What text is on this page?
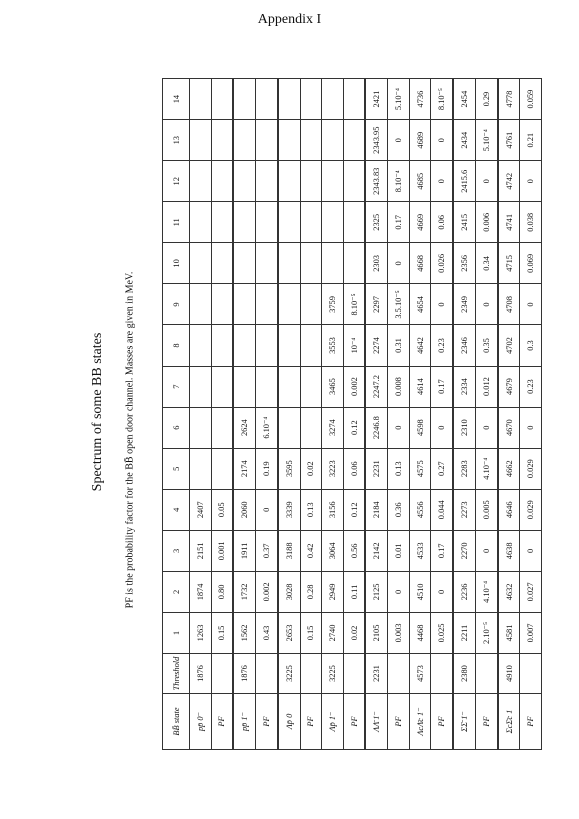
Appendix I
Spectrum of some BB states PF is the probability factor for the BB̄ open door channel. Masses are given in MeV.
BB̄ state	Threshold	1	2	3	4	5	6	7	8	9	10	11	12	13	14
pp̄ 0⁻	1876	1263	1874	2151	2407										
PF		0.15	0.80	0.001	0.05										
pp̄ 1⁻	1876	1562	1732	1911	2060	2174	2624								
PF		0.43	0.002	0.37	0	0.19	6.10⁻⁴								
Λp̄ 0	3225	2653	3028	3188	3339	3595									
PF		0.15	0.28	0.42	0.13	0.02									
Λp̄ 1⁻	3225	2740	2949	3064	3156	3223	3274	3465	3553	3759					
PF		0.02	0.11	0.56	0.12	0.06	0.12	0.002	10⁻⁴	8.10⁻⁵					
ΛΛ̄ 1⁻	2231	2105	2125	2142	2184	2231	2246.8	2247.2	2274	2297	2303	2325	2343.83	2343.95	2421
PF		0.003	0	0.01	0.36	0.13	0	0.008	0.31	3.5.10⁻⁵	0	0.17	8.10⁻⁴	0	5.10⁻⁴
ΛcΛ̄c 1⁻	4573	4468	4510	4533	4556	4575	4598	4614	4642	4654	4668	4669	4685	4689	4736
PF		0.025	0	0.17	0.044	0.27	0	0.17	0.23	0	0.026	0.06	0	0	8.10⁻⁵
ΣΣ̄ 1⁻	2380	2211	2236	2270	2273	2283	2310	2334	2346	2349	2356	2415	2415.6	2434	2454
PF		2.10⁻⁵	4.10⁻⁴	0	0.005	4.10⁻⁴	0	0.012	0.35	0	0.34	0.006	0	5.10⁻⁴	0.29
ΣcΣ̄c 1	4910	4581	4632	4638	4646	4662	4670	4679	4702	4708	4715	4741	4742	4761	4778
PF		0.007	0.027	0	0.029	0.029	0	0.23	0.3	0	0.069	0.038	0	0.21	0.059
